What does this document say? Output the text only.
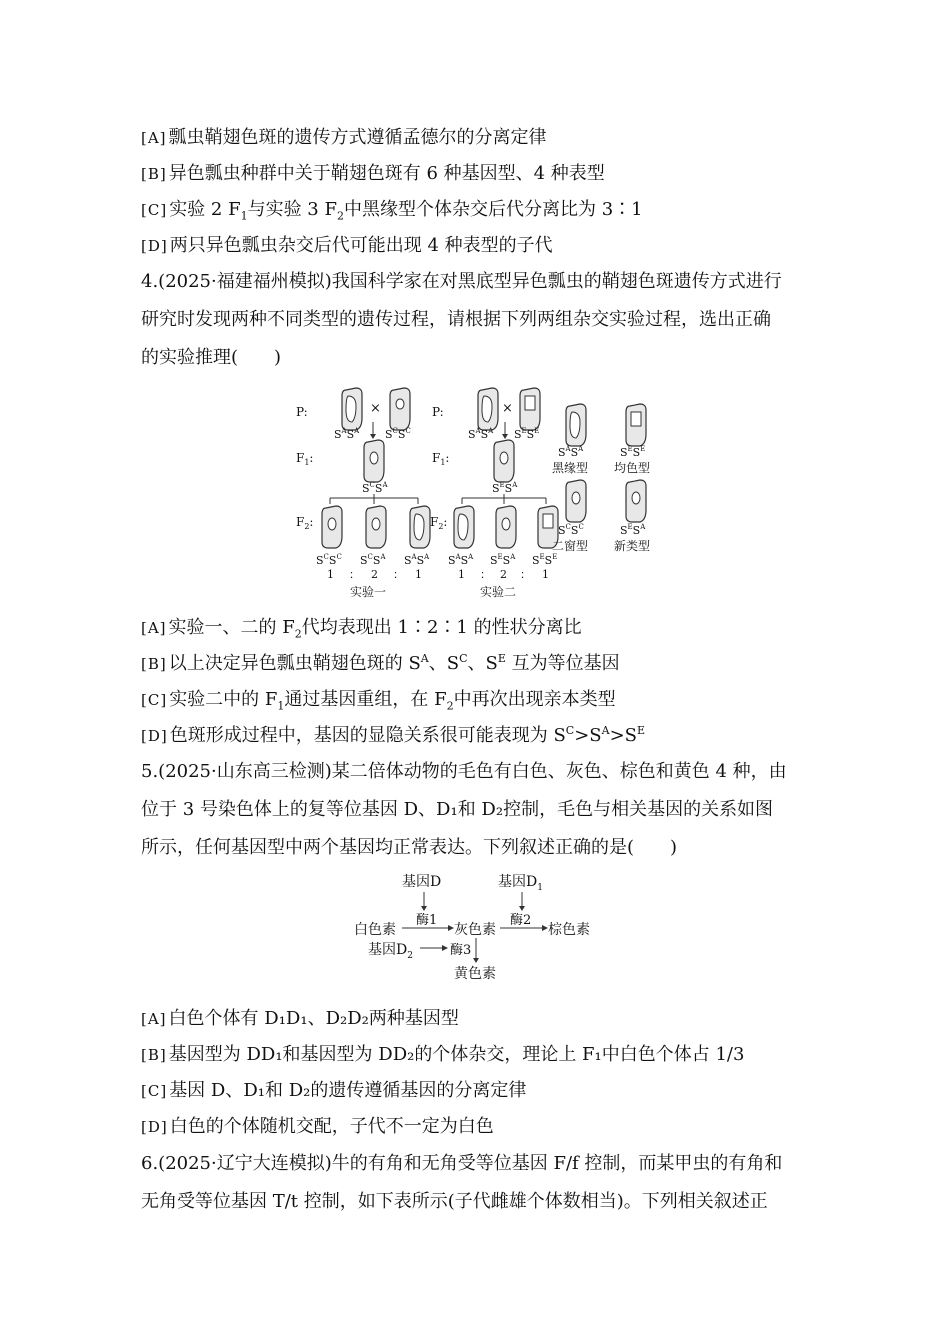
[A] 瓢虫鞘翅色斑的遗传方式遵循孟德尔的分离定律
[B] 异色瓢虫种群中关于鞘翅色斑有 6 种基因型、4 种表型
[C] 实验 2 $F_1$与实验 3 $F_2$中黑缘型个体杂交后代分离比为 3∶1
[D] 两只异色瓢虫杂交后代可能出现 4 种表型的子代
4.(2025·福建福州模拟)我国科学家在对黑底型异色瓢虫的鞘翅色斑遗传方式进行
研究时发现两种不同类型的遗传过程，请根据下列两组杂交实验过程，选出正确
的实验推理(　　)
P:	×
$S^AS^A$ $S^CS^C$
$F_1$:
$S^CS^A$
$F_2$:
$S^CS^C$ $S^CS^A$ $S^AS^A$
1 ： 2 ： 1
实验一
P:	×
$S^AS^A$ $S^ES^E$
$F_1$:
$S^ES^A$
$F_2$:
$S^AS^A$ $S^ES^A$ $S^ES^E$
1 ： 2 ： 1
实验二
$S^AS^A$	$S^ES^E$
黑缘型 均色型
$S^CS^C$	$S^ES^A$
二窗型 新类型
[A] 实验一、二的 $F_2$代均表现出 1∶2∶1 的性状分离比
[B] 以上决定异色瓢虫鞘翅色斑的 $S^A$、$S^C$、$S^E$ 互为等位基因
[C] 实验二中的 $F_1$通过基因重组，在 $F_2$中再次出现亲本类型
[D] 色斑形成过程中，基因的显隐关系很可能表现为 $S^C>S^A>S^E$
5.(2025·山东高三检测)某二倍体动物的毛色有白色、灰色、棕色和黄色 4 种，由
位于 3 号染色体上的复等位基因 D、D₁和 D₂控制，毛色与相关基因的关系如图
所示，任何基因型中两个基因均正常表达。下列叙述正确的是(　　)
基因D	基因$D_1$
酶1	酶2
白色素	灰色素	棕色素
基因$D_2$	酶3
黄色素
[A] 白色个体有 D₁D₁、D₂D₂两种基因型
[B] 基因型为 DD₁和基因型为 DD₂的个体杂交，理论上 F₁中白色个体占 1/3
[C] 基因 D、D₁和 D₂的遗传遵循基因的分离定律
[D] 白色的个体随机交配，子代不一定为白色
6.(2025·辽宁大连模拟)牛的有角和无角受等位基因 F/f 控制，而某甲虫的有角和
无角受等位基因 T/t 控制，如下表所示(子代雌雄个体数相当)。下列相关叙述正
